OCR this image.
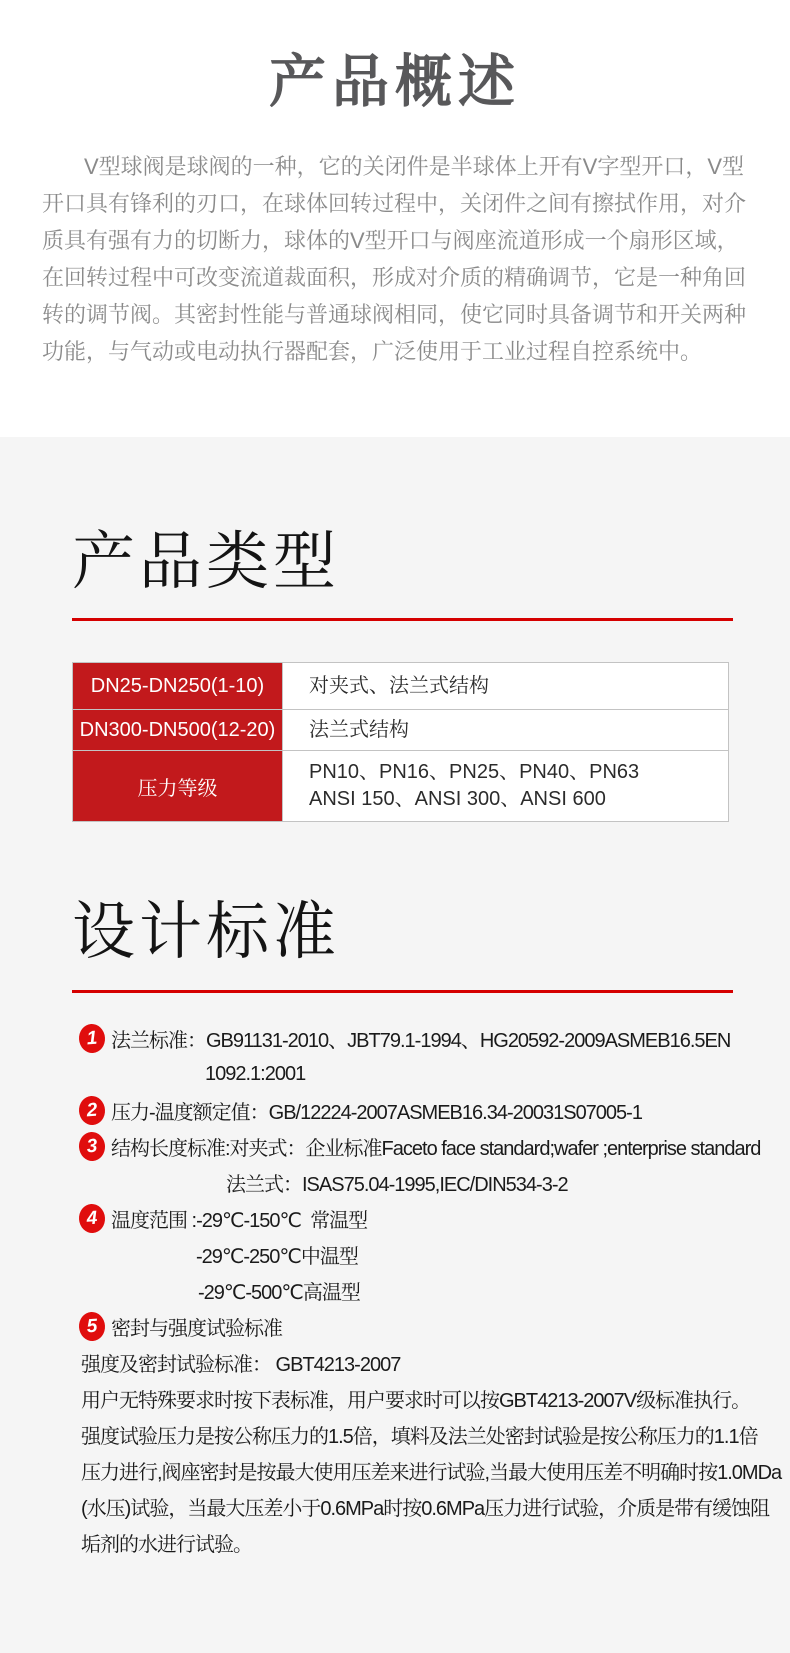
产品概述
V型球阀是球阀的一种，它的关闭件是半球体上开有V字型开口，V型
开口具有锋利的刃口，在球体回转过程中，关闭件之间有擦拭作用，对介
质具有强有力的切断力，球体的V型开口与阀座流道形成一个扇形区域，
在回转过程中可改变流道裁面积，形成对介质的精确调节，它是一种角回
转的调节阀。其密封性能与普通球阀相同，使它同时具备调节和开关两种
功能，与气动或电动执行器配套，广泛使用于工业过程自控系统中。
产品类型
DN25-DN250(1-10)	对夹式、法兰式结构

DN300-DN500(12-20)	法兰式结构

压力等级	PN10、PN16、PN25、PN40、PN63
ANSI 150、ANSI 300、ANSI 600
设计标准
1 法兰标准：GB91131-2010、JBT79.1-1994、HG20592-2009ASMEB16.5EN
1092.1:2001
2 压力-温度额定值：GB/12224-2007ASMEB16.34-20031S07005-1
3 结构长度标准:对夹式：企业标准Faceto face standard;wafer ;enterprise standard
法兰式：ISAS75.04-1995,IEC/DIN534-3-2
4 温度范围 :-29℃-150℃  常温型
-29℃-250℃中温型
-29℃-500℃高温型
5 密封与强度试验标准
强度及密封试验标准： GBT4213-2007
用户无特殊要求时按下表标准，用户要求时可以按GBT4213-2007V级标准执行。
强度试验压力是按公称压力的1.5倍，填料及法兰处密封试验是按公称压力的1.1倍
压力进行,阀座密封是按最大使用压差来进行试验,当最大使用压差不明确时按1.0MDa
(水压)试验，当最大压差小于0.6MPa时按0.6MPa压力进行试验，介质是带有缓蚀阻
垢剂的水进行试验。
